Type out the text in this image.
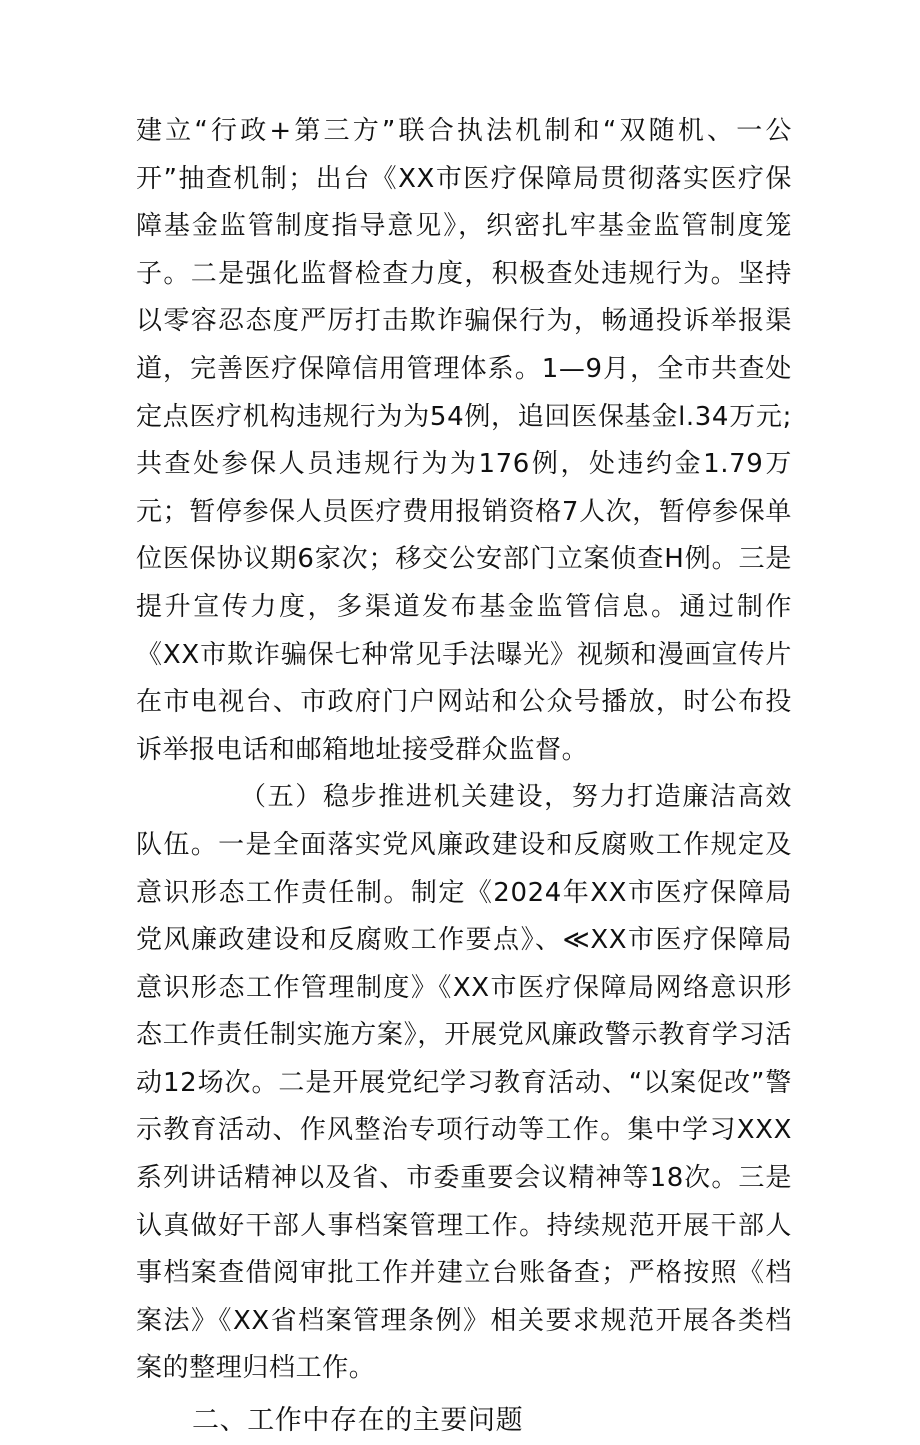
建立“行政+第三方”联合执法机制和“双随机、一公开”抽查机制；出台《XX市医疗保障局贯彻落实医疗保障基金监管制度指导意见》，织密扎牢基金监管制度笼子。二是强化监督检查力度，积极查处违规行为。坚持以零容忍态度严厉打击欺诈骗保行为，畅通投诉举报渠道，完善医疗保障信用管理体系。1—9月，全市共查处定点医疗机构违规行为为54例，追回医保基金l.34万元;共查处参保人员违规行为为176例，处违约金1.79万元；暂停参保人员医疗费用报销资格7人次，暂停参保单位医保协议期6家次；移交公安部门立案侦查H例。三是提升宣传力度，多渠道发布基金监管信息。通过制作《XX市欺诈骗保七种常见手法曝光》视频和漫画宣传片在市电视台、市政府门户网站和公众号播放，时公布投诉举报电话和邮箱地址接受群众监督。

（五）稳步推进机关建设，努力打造廉洁高效队伍。一是全面落实党风廉政建设和反腐败工作规定及意识形态工作责任制。制定《2024年XX市医疗保障局党风廉政建设和反腐败工作要点》、≪XX市医疗保障局意识形态工作管理制度》《XX市医疗保障局网络意识形态工作责任制实施方案》，开展党风廉政警示教育学习活动12场次。二是开展党纪学习教育活动、“以案促改”警示教育活动、作风整治专项行动等工作。集中学习XXX系列讲话精神以及省、市委重要会议精神等18次。三是认真做好干部人事档案管理工作。持续规范开展干部人事档案查借阅审批工作并建立台账备查；严格按照《档案法》《XX省档案管理条例》相关要求规范开展各类档案的整理归档工作。

二、工作中存在的主要问题
